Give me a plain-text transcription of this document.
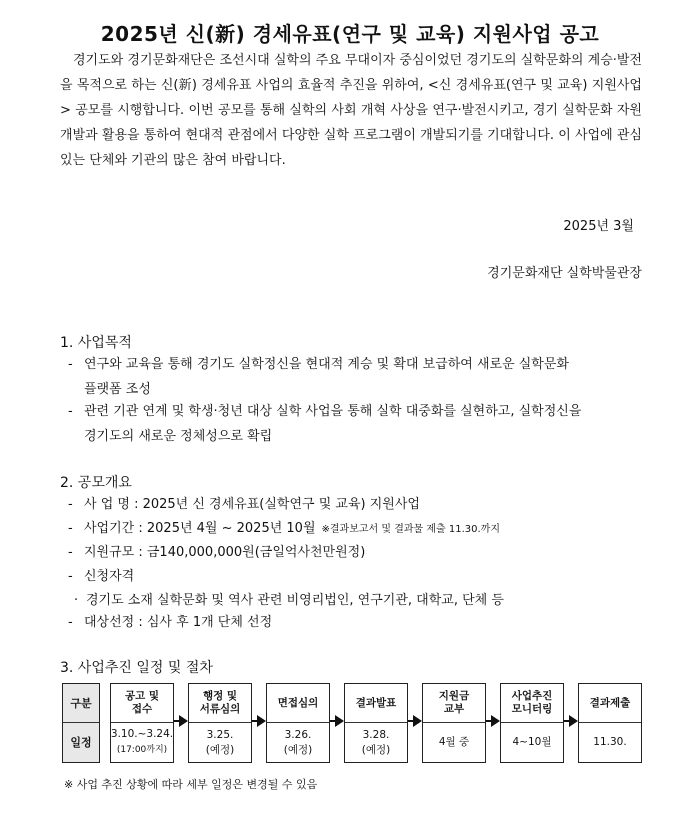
2025년 신(新) 경세유표(연구 및 교육) 지원사업 공고
경기도와 경기문화재단은 조선시대 실학의 주요 무대이자 중심이었던 경기도의 실학문화의 계승·발전을 목적으로 하는 신(新) 경세유표 사업의 효율적 추진을 위하여, <신 경세유표(연구 및 교육) 지원사업> 공모를 시행합니다. 이번 공모를 통해 실학의 사회 개혁 사상을 연구·발전시키고, 경기 실학문화 자원 개발과 활용을 통하여 현대적 관점에서 다양한 실학 프로그램이 개발되기를 기대합니다. 이 사업에 관심 있는 단체와 기관의 많은 참여 바랍니다.
2025년 3월
경기문화재단 실학박물관장
1. 사업목적
- 연구와 교육을 통해 경기도 실학정신을 현대적 계승 및 확대 보급하여 새로운 실학문화
플랫폼 조성
- 관련 기관 연계 및 학생·청년 대상 실학 사업을 통해 실학 대중화를 실현하고, 실학정신을
경기도의 새로운 정체성으로 확립
2. 공모개요
- 사 업 명 : 2025년 신 경세유표(실학연구 및 교육) 지원사업
- 사업기간 : 2025년 4월 ~ 2025년 10월 ※결과보고서 및 결과물 제출 11.30.까지
- 지원규모 : 금140,000,000원(금일억사천만원정)
- 신청자격
· 경기도 소재 실학문화 및 역사 관련 비영리법인, 연구기관, 대학교, 단체 등
- 대상선정 : 심사 후 1개 단체 선정
3. 사업추진 일정 및 절차
구분
일정
공고 및
접수
3.10.~3.24.
(17:00까지)
행정 및
서류심의
3.25.
(예정)
면접심의
3.26.
(예정)
결과발표
3.28.
(예정)
지원금
교부
4월 중
사업추진
모니터링
4~10월
결과제출
11.30.
※ 사업 추진 상황에 따라 세부 일정은 변경될 수 있음
